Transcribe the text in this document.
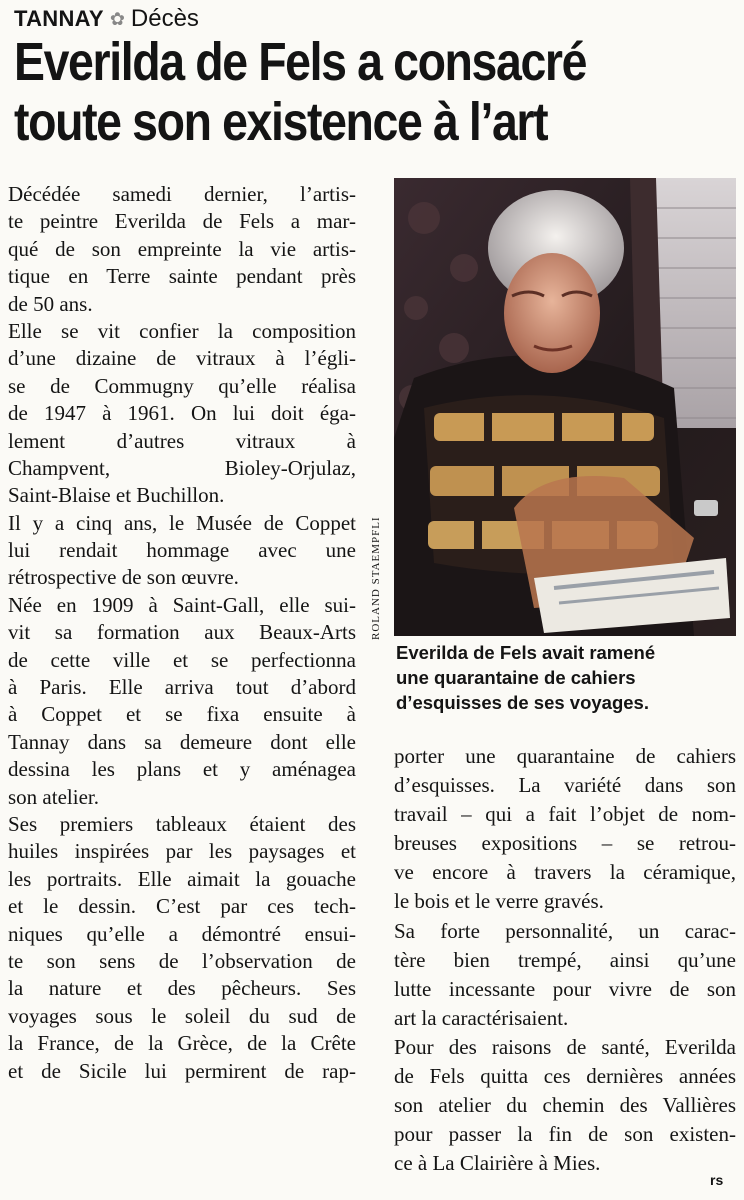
TANNAY ✿ Décès
Everilda de Fels a consacré
toute son existence à l’art
Décédée samedi dernier, l’artis-
te peintre Everilda de Fels a mar-
qué de son empreinte la vie artis-
tique en Terre sainte pendant près
de 50 ans.
Elle se vit confier la composition
d’une dizaine de vitraux à l’égli-
se de Commugny qu’elle réalisa
de 1947 à 1961. On lui doit éga-
lement d’autres vitraux à
Champvent, Bioley-Orjulaz,
Saint-Blaise et Buchillon.
Il y a cinq ans, le Musée de Coppet
lui rendait hommage avec une
rétrospective de son œuvre.
Née en 1909 à Saint-Gall, elle sui-
vit sa formation aux Beaux-Arts
de cette ville et se perfectionna
à Paris. Elle arriva tout d’abord
à Coppet et se fixa ensuite à
Tannay dans sa demeure dont elle
dessina les plans et y aménagea
son atelier.
Ses premiers tableaux étaient des
huiles inspirées par les paysages et
les portraits. Elle aimait la gouache
et le dessin. C’est par ces tech-
niques qu’elle a démontré ensui-
te son sens de l’observation de
la nature et des pêcheurs. Ses
voyages sous le soleil du sud de
la France, de la Grèce, de la Crête
et de Sicile lui permirent de rap-
ROLAND STAEMPFLI
Everilda de Fels avait ramené
une quarantaine de cahiers
d’esquisses de ses voyages.
porter une quarantaine de cahiers
d’esquisses. La variété dans son
travail – qui a fait l’objet de nom-
breuses expositions – se retrou-
ve encore à travers la céramique,
le bois et le verre gravés.
Sa forte personnalité, un carac-
tère bien trempé, ainsi qu’une
lutte incessante pour vivre de son
art la caractérisaient.
Pour des raisons de santé, Everilda
de Fels quitta ces dernières années
son atelier du chemin des Vallières
pour passer la fin de son existen-
ce à La Clairière à Mies.
rs
